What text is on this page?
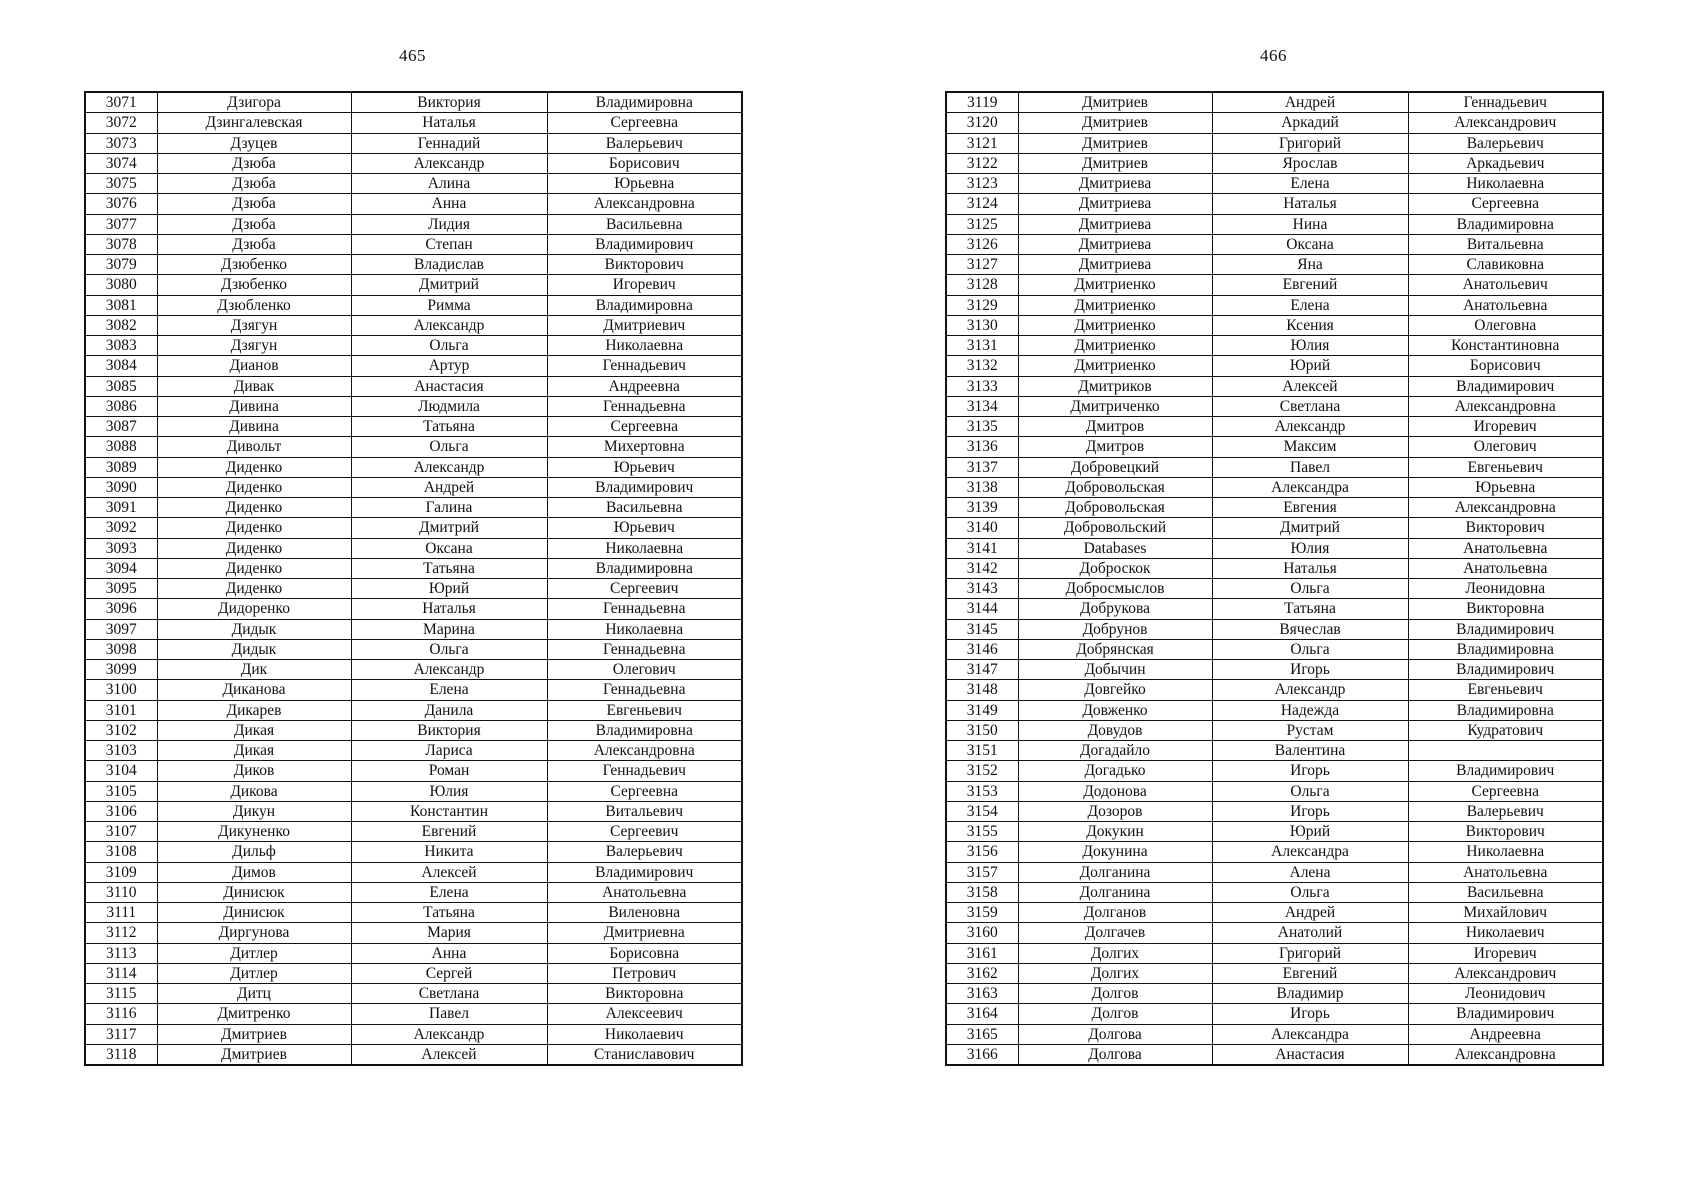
465
3071	Дзигора	Виктория	Владимировна
3072	Дзингалевская	Наталья	Сергеевна
3073	Дзуцев	Геннадий	Валерьевич
3074	Дзюба	Александр	Борисович
3075	Дзюба	Алина	Юрьевна
3076	Дзюба	Анна	Александровна
3077	Дзюба	Лидия	Васильевна
3078	Дзюба	Степан	Владимирович
3079	Дзюбенко	Владислав	Викторович
3080	Дзюбенко	Дмитрий	Игоревич
3081	Дзюбленко	Римма	Владимировна
3082	Дзягун	Александр	Дмитриевич
3083	Дзягун	Ольга	Николаевна
3084	Дианов	Артур	Геннадьевич
3085	Дивак	Анастасия	Андреевна
3086	Дивина	Людмила	Геннадьевна
3087	Дивина	Татьяна	Сергеевна
3088	Дивольт	Ольга	Михертовна
3089	Диденко	Александр	Юрьевич
3090	Диденко	Андрей	Владимирович
3091	Диденко	Галина	Васильевна
3092	Диденко	Дмитрий	Юрьевич
3093	Диденко	Оксана	Николаевна
3094	Диденко	Татьяна	Владимировна
3095	Диденко	Юрий	Сергеевич
3096	Дидоренко	Наталья	Геннадьевна
3097	Дидык	Марина	Николаевна
3098	Дидык	Ольга	Геннадьевна
3099	Дик	Александр	Олегович
3100	Диканова	Елена	Геннадьевна
3101	Дикарев	Данила	Евгеньевич
3102	Дикая	Виктория	Владимировна
3103	Дикая	Лариса	Александровна
3104	Диков	Роман	Геннадьевич
3105	Дикова	Юлия	Сергеевна
3106	Дикун	Константин	Витальевич
3107	Дикуненко	Евгений	Сергеевич
3108	Дильф	Никита	Валерьевич
3109	Димов	Алексей	Владимирович
3110	Динисюк	Елена	Анатольевна
3111	Динисюк	Татьяна	Виленовна
3112	Диргунова	Мария	Дмитриевна
3113	Дитлер	Анна	Борисовна
3114	Дитлер	Сергей	Петрович
3115	Дитц	Светлана	Викторовна
3116	Дмитренко	Павел	Алексеевич
3117	Дмитриев	Александр	Николаевич
3118	Дмитриев	Алексей	Станиславович
466
3119	Дмитриев	Андрей	Геннадьевич
3120	Дмитриев	Аркадий	Александрович
3121	Дмитриев	Григорий	Валерьевич
3122	Дмитриев	Ярослав	Аркадьевич
3123	Дмитриева	Елена	Николаевна
3124	Дмитриева	Наталья	Сергеевна
3125	Дмитриева	Нина	Владимировна
3126	Дмитриева	Оксана	Витальевна
3127	Дмитриева	Яна	Славиковна
3128	Дмитриенко	Евгений	Анатольевич
3129	Дмитриенко	Елена	Анатольевна
3130	Дмитриенко	Ксения	Олеговна
3131	Дмитриенко	Юлия	Константиновна
3132	Дмитриенко	Юрий	Борисович
3133	Дмитриков	Алексей	Владимирович
3134	Дмитриченко	Светлана	Александровна
3135	Дмитров	Александр	Игоревич
3136	Дмитров	Максим	Олегович
3137	Добровецкий	Павел	Евгеньевич
3138	Добровольская	Александра	Юрьевна
3139	Добровольская	Евгения	Александровна
3140	Добровольский	Дмитрий	Викторович
3141	Databases	Юлия	Анатольевна
3142	Доброскок	Наталья	Анатольевна
3143	Добросмыслов	Ольга	Леонидовна
3144	Добрукова	Татьяна	Викторовна
3145	Добрунов	Вячеслав	Владимирович
3146	Добрянская	Ольга	Владимировна
3147	Добычин	Игорь	Владимирович
3148	Довгейко	Александр	Евгеньевич
3149	Довженко	Надежда	Владимировна
3150	Довудов	Рустам	Кудратович
3151	Догадайло	Валентина	
3152	Догадько	Игорь	Владимирович
3153	Додонова	Ольга	Сергеевна
3154	Дозоров	Игорь	Валерьевич
3155	Докукин	Юрий	Викторович
3156	Докунина	Александра	Николаевна
3157	Долганина	Алена	Анатольевна
3158	Долганина	Ольга	Васильевна
3159	Долганов	Андрей	Михайлович
3160	Долгачев	Анатолий	Николаевич
3161	Долгих	Григорий	Игоревич
3162	Долгих	Евгений	Александрович
3163	Долгов	Владимир	Леонидович
3164	Долгов	Игорь	Владимирович
3165	Долгова	Александра	Андреевна
3166	Долгова	Анастасия	Александровна
